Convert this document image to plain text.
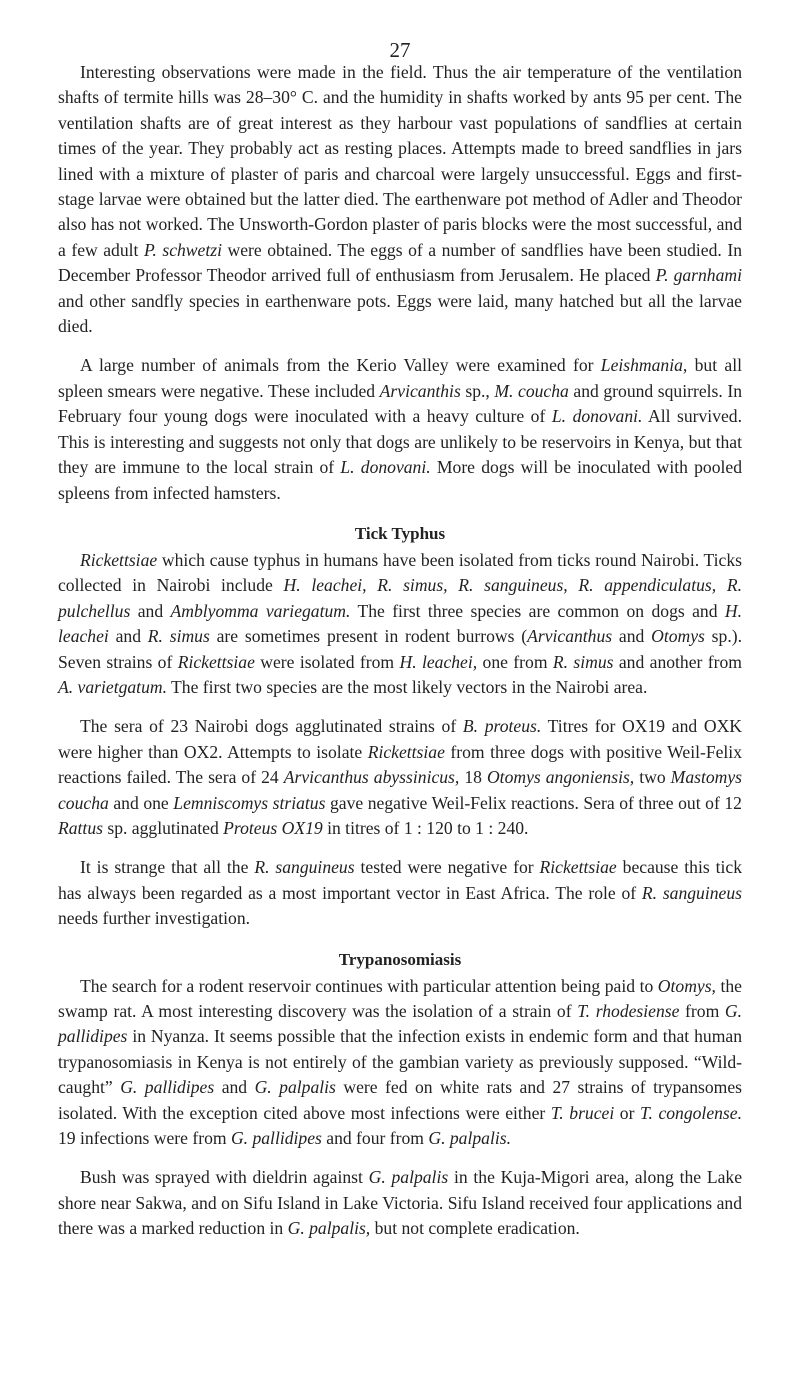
27

Interesting observations were made in the field. Thus the air temperature of the ventilation shafts of termite hills was 28–30° C. and the humidity in shafts worked by ants 95 per cent. The ventilation shafts are of great interest as they harbour vast populations of sandflies at certain times of the year. They probably act as resting places. Attempts made to breed sandflies in jars lined with a mixture of plaster of paris and charcoal were largely unsuccessful. Eggs and first-stage larvae were obtained but the latter died. The earthenware pot method of Adler and Theodor also has not worked. The Unsworth-Gordon plaster of paris blocks were the most successful, and a few adult P. schwetzi were obtained. The eggs of a number of sandflies have been studied. In December Professor Theodor arrived full of enthusiasm from Jerusalem. He placed P. garnhami and other sandfly species in earthenware pots. Eggs were laid, many hatched but all the larvae died.

A large number of animals from the Kerio Valley were examined for Leishmania, but all spleen smears were negative. These included Arvicanthis sp., M. coucha and ground squirrels. In February four young dogs were inoculated with a heavy culture of L. donovani. All survived. This is interesting and suggests not only that dogs are unlikely to be reservoirs in Kenya, but that they are immune to the local strain of L. donovani. More dogs will be inoculated with pooled spleens from infected hamsters.

Tick Typhus

Rickettsiae which cause typhus in humans have been isolated from ticks round Nairobi. Ticks collected in Nairobi include H. leachei, R. simus, R. sanguineus, R. appendiculatus, R. pulchellus and Amblyomma variegatum. The first three species are common on dogs and H. leachei and R. simus are sometimes present in rodent burrows (Arvicanthus and Otomys sp.). Seven strains of Rickettsiae were isolated from H. leachei, one from R. simus and another from A. varietgatum. The first two species are the most likely vectors in the Nairobi area.

The sera of 23 Nairobi dogs agglutinated strains of B. proteus. Titres for OX19 and OXK were higher than OX2. Attempts to isolate Rickettsiae from three dogs with positive Weil-Felix reactions failed. The sera of 24 Arvicanthus abyssinicus, 18 Otomys angoniensis, two Mastomys coucha and one Lemniscomys striatus gave negative Weil-Felix reactions. Sera of three out of 12 Rattus sp. agglutinated Proteus OX19 in titres of 1 : 120 to 1 : 240.

It is strange that all the R. sanguineus tested were negative for Rickettsiae because this tick has always been regarded as a most important vector in East Africa. The role of R. sanguineus needs further investigation.

Trypanosomiasis

The search for a rodent reservoir continues with particular attention being paid to Otomys, the swamp rat. A most interesting discovery was the isolation of a strain of T. rhodesiense from G. pallidipes in Nyanza. It seems possible that the infection exists in endemic form and that human trypanosomiasis in Kenya is not entirely of the gambian variety as previously supposed. “Wild-caught” G. pallidipes and G. palpalis were fed on white rats and 27 strains of trypansomes isolated. With the exception cited above most infections were either T. brucei or T. congolense. 19 infections were from G. pallidipes and four from G. palpalis.

Bush was sprayed with dieldrin against G. palpalis in the Kuja-Migori area, along the Lake shore near Sakwa, and on Sifu Island in Lake Victoria. Sifu Island received four applications and there was a marked reduction in G. palpalis, but not complete eradication.
